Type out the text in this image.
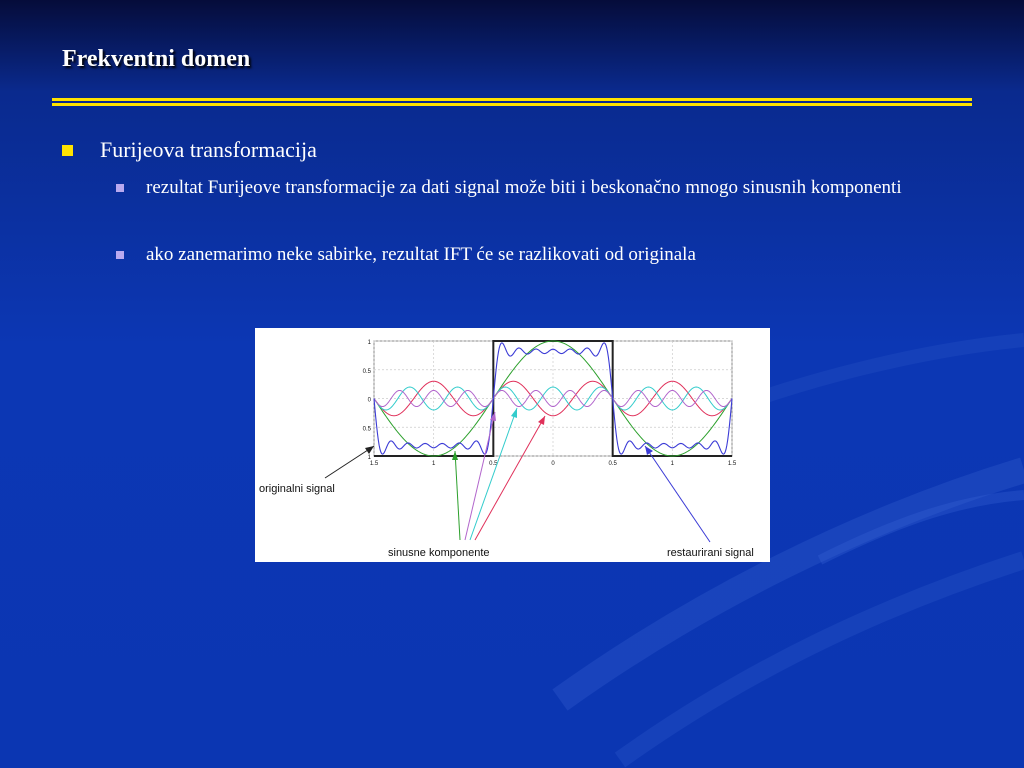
Frekventni domen
Furijeova transformacija
rezultat Furijeove transformacije za dati signal može biti i beskonačno mnogo sinusnih komponenti
ako zanemarimo neke sabirke, rezultat IFT će se razlikovati od originala
1
0.5
0
0.5
1
1.5	1	0.5	0	0.5	1	1.5
originalni signal
sinusne komponente	restaurirani signal
